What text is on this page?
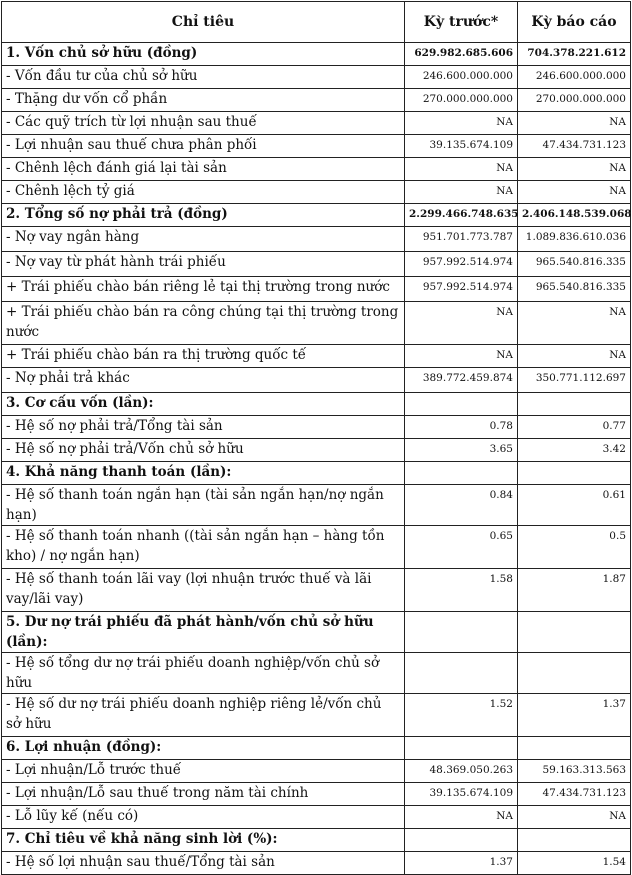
Chỉ tiêu	Kỳ trước*	Kỳ báo cáo
1. Vốn chủ sở hữu (đồng)	629.982.685.606	704.378.221.612
- Vốn đầu tư của chủ sở hữu	246.600.000.000	246.600.000.000
- Thặng dư vốn cổ phần	270.000.000.000	270.000.000.000
- Các quỹ trích từ lợi nhuận sau thuế	NA	NA
- Lợi nhuận sau thuế chưa phân phối	39.135.674.109	47.434.731.123
- Chênh lệch đánh giá lại tài sản	NA	NA
- Chênh lệch tỷ giá	NA	NA
2. Tổng số nợ phải trả (đồng)	2.299.466.748.635	2.406.148.539.068
- Nợ vay ngân hàng	951.701.773.787	1.089.836.610.036
- Nợ vay từ phát hành trái phiếu	957.992.514.974	965.540.816.335
+ Trái phiếu chào bán riêng lẻ tại thị trường trong nước	957.992.514.974	965.540.816.335
+ Trái phiếu chào bán ra công chúng tại thị trường trong nước	NA	NA
+ Trái phiếu chào bán ra thị trường quốc tế	NA	NA
- Nợ phải trả khác	389.772.459.874	350.771.112.697
3. Cơ cấu vốn (lần):		
- Hệ số nợ phải trả/Tổng tài sản	0.78	0.77
- Hệ số nợ phải trả/Vốn chủ sở hữu	3.65	3.42
4. Khả năng thanh toán (lần):		
- Hệ số thanh toán ngắn hạn (tài sản ngắn hạn/nợ ngắn hạn)	0.84	0.61
- Hệ số thanh toán nhanh ((tài sản ngắn hạn – hàng tồn kho) / nợ ngắn hạn)	0.65	0.5
- Hệ số thanh toán lãi vay (lợi nhuận trước thuế và lãi vay/lãi vay)	1.58	1.87
5. Dư nợ trái phiếu đã phát hành/vốn chủ sở hữu (lần):		
- Hệ số tổng dư nợ trái phiếu doanh nghiệp/vốn chủ sở hữu		
- Hệ số dư nợ trái phiếu doanh nghiệp riêng lẻ/vốn chủ sở hữu	1.52	1.37
6. Lợi nhuận (đồng):		
- Lợi nhuận/Lỗ trước thuế	48.369.050.263	59.163.313.563
- Lợi nhuận/Lỗ sau thuế trong năm tài chính	39.135.674.109	47.434.731.123
- Lỗ lũy kế (nếu có)	NA	NA
7. Chỉ tiêu về khả năng sinh lời (%):		
- Hệ số lợi nhuận sau thuế/Tổng tài sản	1.37	1.54
